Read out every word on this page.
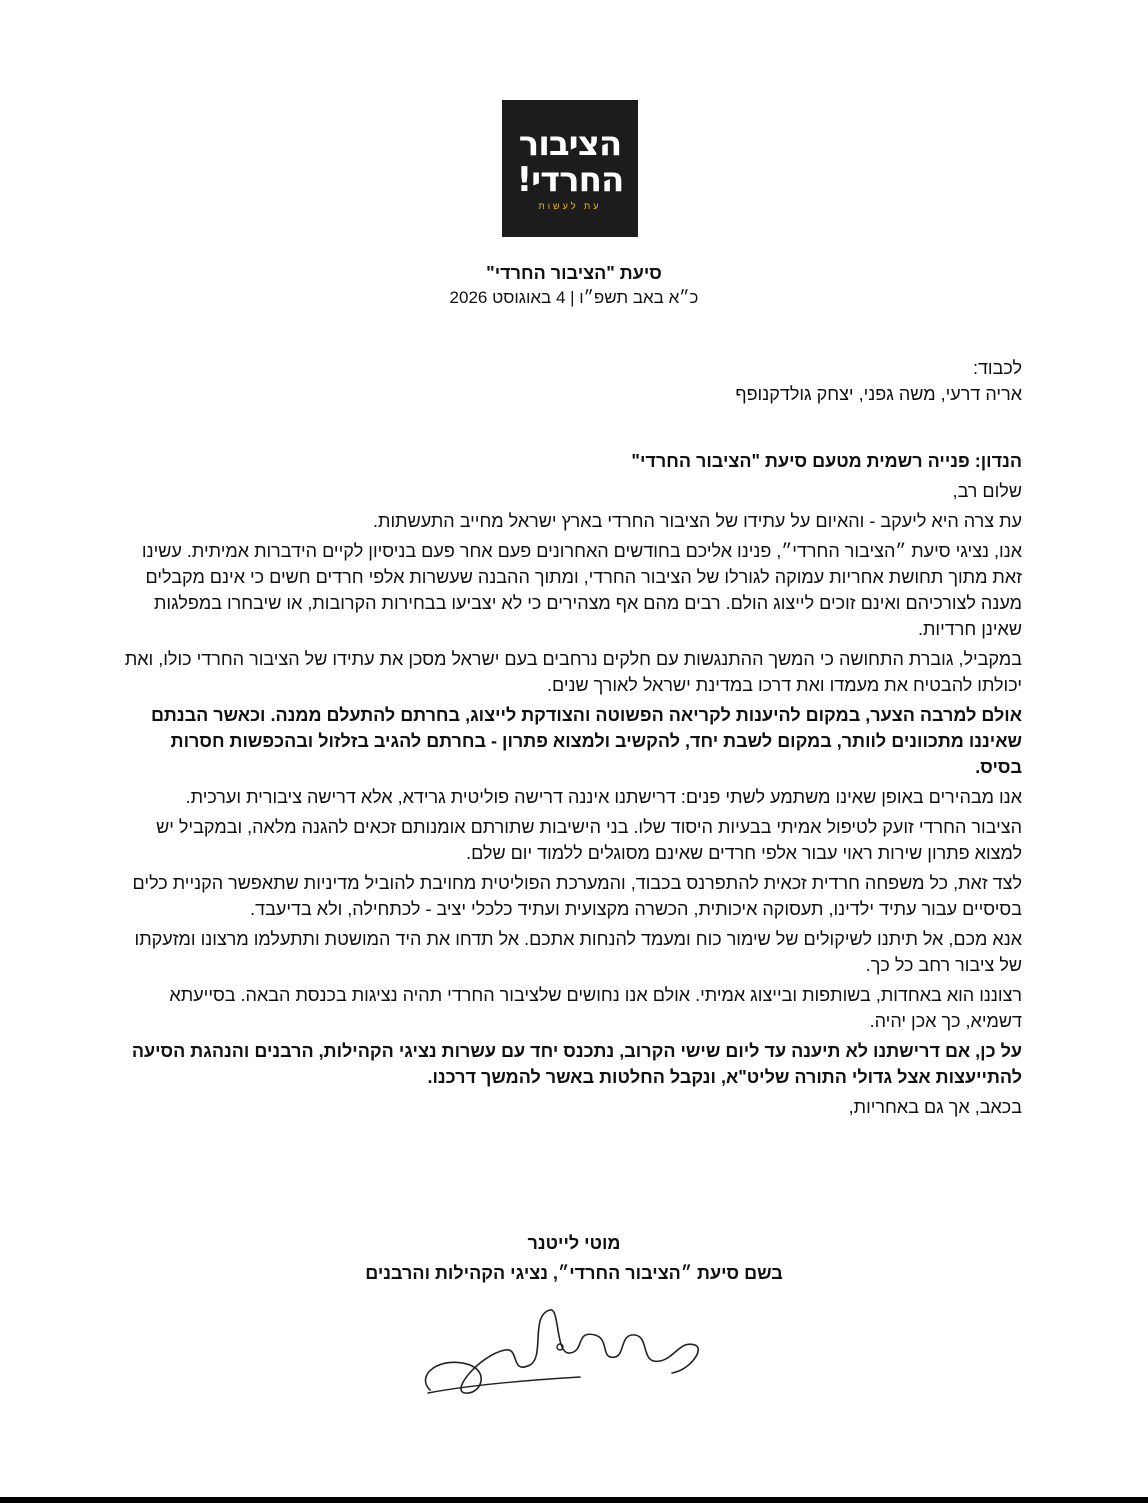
הציבור
החרדי!
עת לעשות
סיעת "הציבור החרדי"
כ״א באב תשפ״ו | 4 באוגוסט 2026
לכבוד:
אריה דרעי, משה גפני, יצחק גולדקנופף

הנדון: פנייה רשמית מטעם סיעת "הציבור החרדי"

שלום רב,

עת צרה היא ליעקב - והאיום על עתידו של הציבור החרדי בארץ ישראל מחייב התעשתות.

אנו, נציגי סיעת ״הציבור החרדי״, פנינו אליכם בחודשים האחרונים פעם אחר פעם בניסיון לקיים הידברות אמיתית. עשינו זאת מתוך תחושת אחריות עמוקה לגורלו של הציבור החרדי, ומתוך ההבנה שעשרות אלפי חרדים חשים כי אינם מקבלים מענה לצורכיהם ואינם זוכים לייצוג הולם. רבים מהם אף מצהירים כי לא יצביעו בבחירות הקרובות, או שיבחרו במפלגות שאינן חרדיות.

במקביל, גוברת התחושה כי המשך ההתנגשות עם חלקים נרחבים בעם ישראל מסכן את עתידו של הציבור החרדי כולו, ואת יכולתו להבטיח את מעמדו ואת דרכו במדינת ישראל לאורך שנים.

אולם למרבה הצער, במקום להיענות לקריאה הפשוטה והצודקת לייצוג, בחרתם להתעלם ממנה. וכאשר הבנתם שאיננו מתכוונים לוותר, במקום לשבת יחד, להקשיב ולמצוא פתרון - בחרתם להגיב בזלזול ובהכפשות חסרות בסיס.

אנו מבהירים באופן שאינו משתמע לשתי פנים: דרישתנו איננה דרישה פוליטית גרידא, אלא דרישה ציבורית וערכית.

הציבור החרדי זועק לטיפול אמיתי בבעיות היסוד שלו. בני הישיבות שתורתם אומנותם זכאים להגנה מלאה, ובמקביל יש למצוא פתרון שירות ראוי עבור אלפי חרדים שאינם מסוגלים ללמוד יום שלם.

לצד זאת, כל משפחה חרדית זכאית להתפרנס בכבוד, והמערכת הפוליטית מחויבת להוביל מדיניות שתאפשר הקניית כלים בסיסיים עבור עתיד ילדינו, תעסוקה איכותית, הכשרה מקצועית ועתיד כלכלי יציב - לכתחילה, ולא בדיעבד.

אנא מכם, אל תיתנו לשיקולים של שימור כוח ומעמד להנחות אתכם. אל תדחו את היד המושטת ותתעלמו מרצונו ומזעקתו של ציבור רחב כל כך.

רצוננו הוא באחדות, בשותפות ובייצוג אמיתי. אולם אנו נחושים שלציבור החרדי תהיה נציגות בכנסת הבאה. בסייעתא דשמיא, כך אכן יהיה.

על כן, אם דרישתנו לא תיענה עד ליום שישי הקרוב, נתכנס יחד עם עשרות נציגי הקהילות, הרבנים והנהגת הסיעה להתייעצות אצל גדולי התורה שליט"א, ונקבל החלטות באשר להמשך דרכנו.

בכאב, אך גם באחריות,

מוטי לייטנר
בשם סיעת ״הציבור החרדי״, נציגי הקהילות והרבנים
